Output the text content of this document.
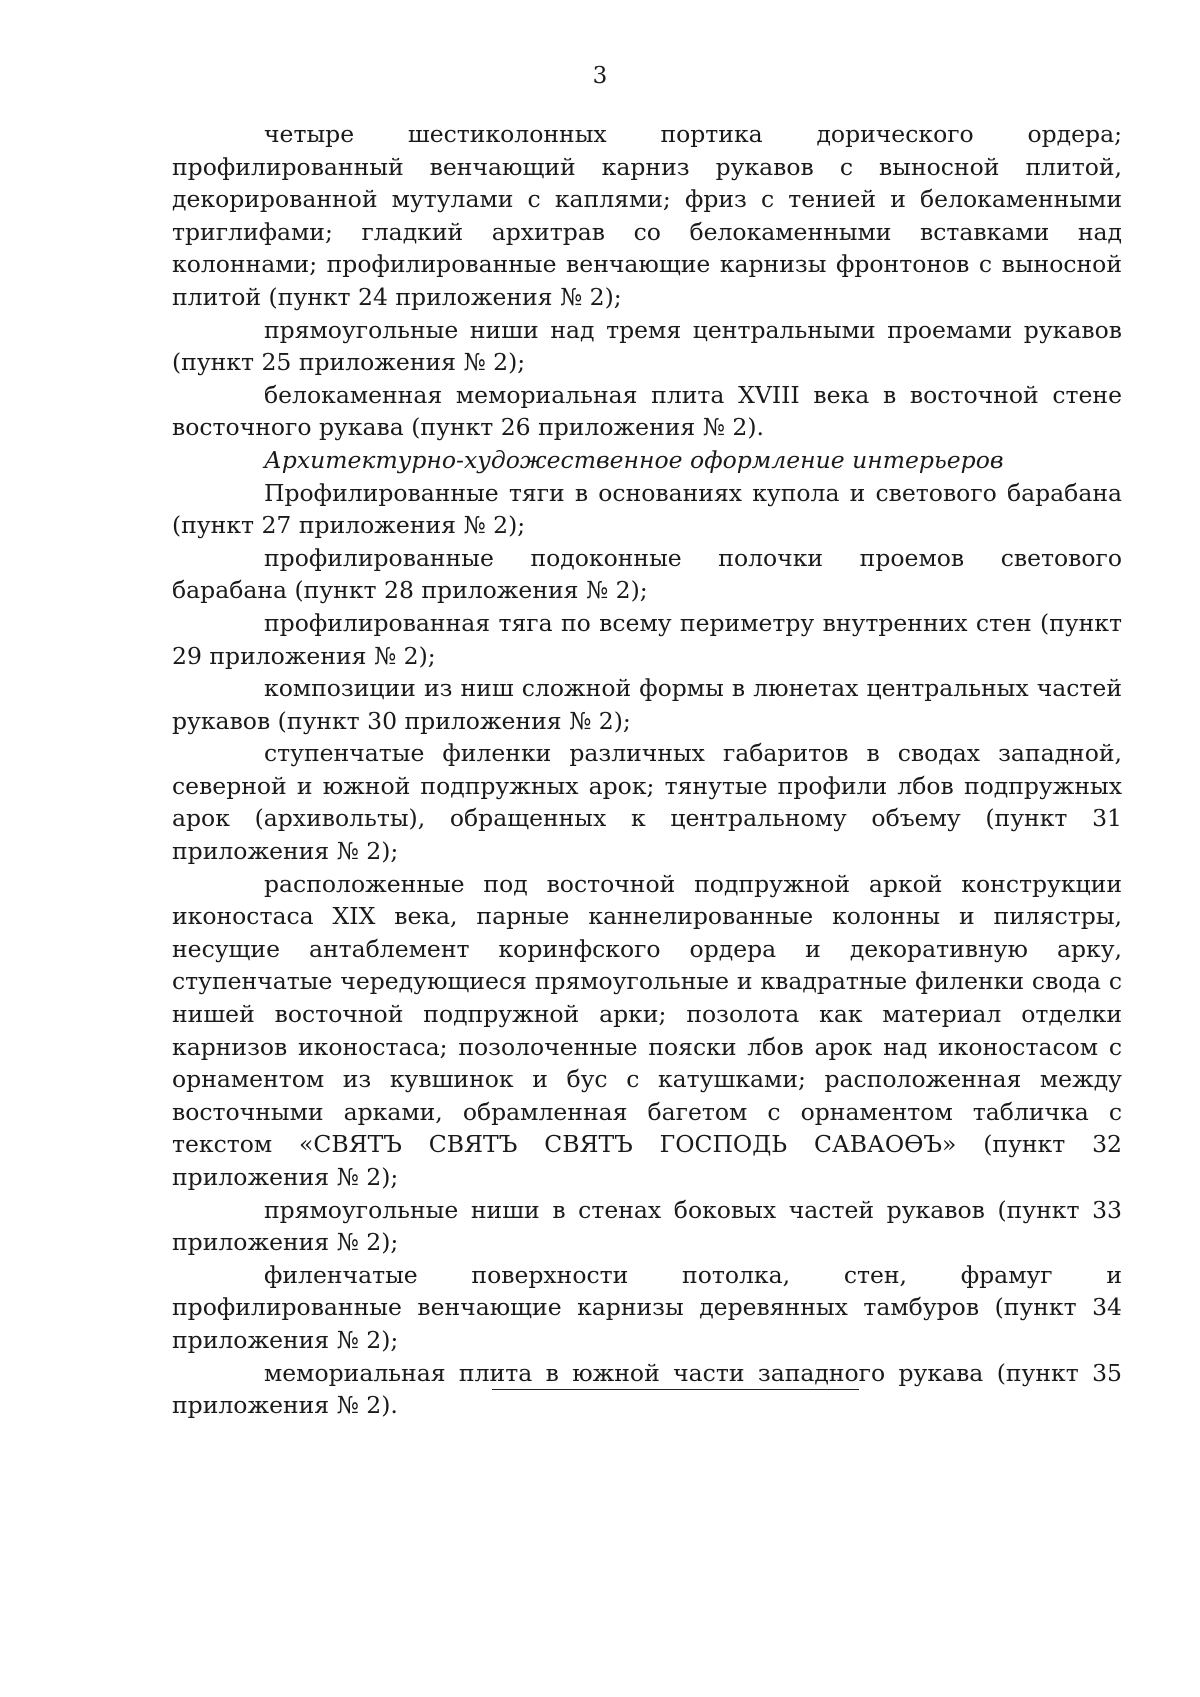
3

четыре шестиколонных портика дорического ордера; профилированный венчающий карниз рукавов с выносной плитой, декорированной мутулами с каплями; фриз с тенией и белокаменными триглифами; гладкий архитрав со белокаменными вставками над колоннами; профилированные венчающие карнизы фронтонов с выносной плитой (пункт 24 приложения № 2);

прямоугольные ниши над тремя центральными проемами рукавов (пункт 25 приложения № 2);

белокаменная мемориальная плита XVIII века в восточной стене восточного рукава (пункт 26 приложения № 2).

Архитектурно-художественное оформление интерьеров

Профилированные тяги в основаниях купола и светового барабана (пункт 27 приложения № 2);

профилированные подоконные полочки проемов светового барабана (пункт 28 приложения № 2);

профилированная тяга по всему периметру внутренних стен (пункт 29 приложения № 2);

композиции из ниш сложной формы в люнетах центральных частей рукавов (пункт 30 приложения № 2);

ступенчатые филенки различных габаритов в сводах западной, северной и южной подпружных арок; тянутые профили лбов подпружных арок (архивольты), обращенных к центральному объему (пункт 31 приложения № 2);

расположенные под восточной подпружной аркой конструкции иконостаса XIX века, парные каннелированные колонны и пилястры, несущие антаблемент коринфского ордера и декоративную арку, ступенчатые чередующиеся прямоугольные и квадратные филенки свода с нишей восточной подпружной арки; позолота как материал отделки карнизов иконостаса; позолоченные пояски лбов арок над иконостасом с орнаментом из кувшинок и бус с катушками; расположенная между восточными арками, обрамленная багетом с орнаментом табличка с текстом «СВЯТЪ СВЯТЪ СВЯТЪ ГОСПОДЬ САВАОѲЪ» (пункт 32 приложения № 2);

прямоугольные ниши в стенах боковых частей рукавов (пункт 33 приложения № 2);

филенчатые поверхности потолка, стен, фрамуг и профилированные венчающие карнизы деревянных тамбуров (пункт 34 приложения № 2);

мемориальная плита в южной части западного рукава (пункт 35 приложения № 2).
